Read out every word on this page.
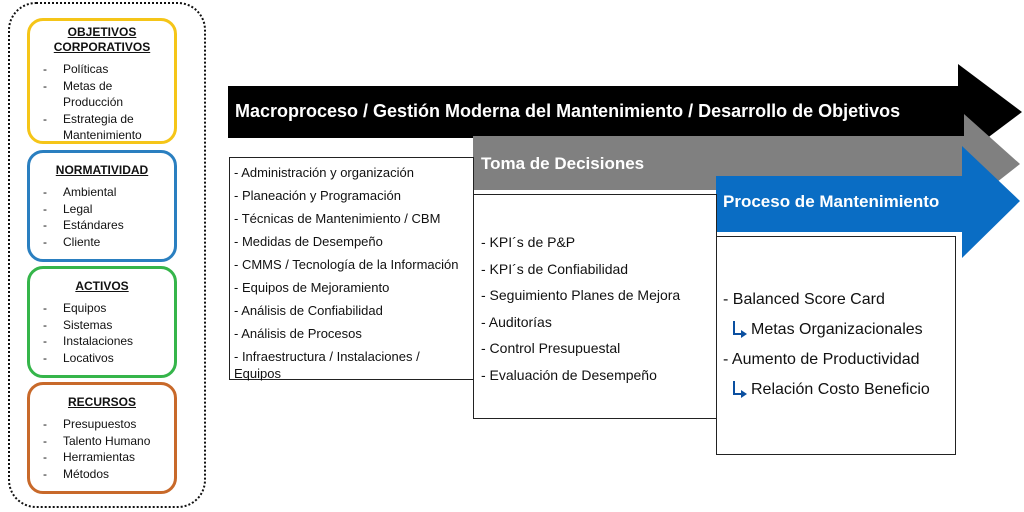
OBJETIVOS CORPORATIVOS
- Políticas
- Metas de Producción
- Estrategia de Mantenimiento
NORMATIVIDAD
- Ambiental
- Legal
- Estándares
- Cliente
ACTIVOS
- Equipos
- Sistemas
- Instalaciones
- Locativos
RECURSOS
- Presupuestos
- Talento Humano
- Herramientas
- Métodos
Macroproceso / Gestión Moderna del Mantenimiento / Desarrollo de Objetivos
Toma de Decisiones
Proceso de Mantenimiento
- Administración y organización
- Planeación y Programación
- Técnicas de Mantenimiento / CBM
- Medidas de Desempeño
- CMMS / Tecnología de la Información
- Equipos de Mejoramiento
- Análisis de Confiabilidad
- Análisis de Procesos
- Infraestructura / Instalaciones /
Equipos
- KPI´s de P&P
- KPI´s de Confiabilidad
- Seguimiento Planes de Mejora
- Auditorías
- Control Presupuestal
- Evaluación de Desempeño
- Balanced Score Card
Metas Organizacionales
- Aumento de Productividad
Relación Costo Beneficio
